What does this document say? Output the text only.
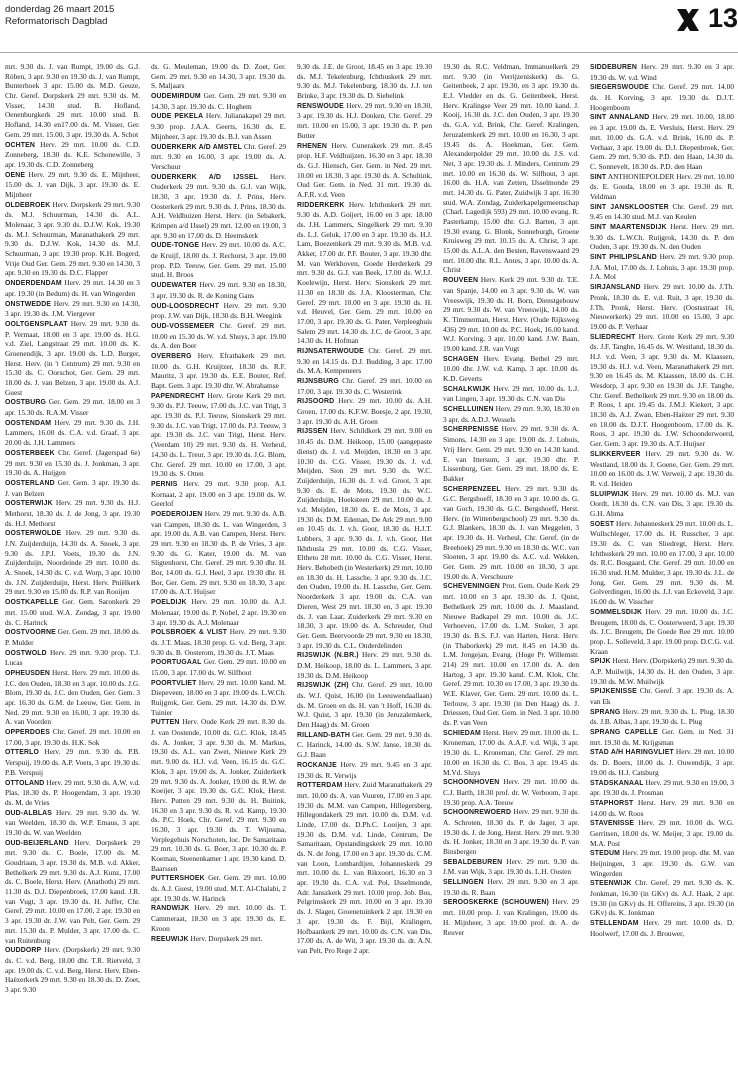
donderdag 26 maart 2015
Reformatorisch Dagblad	13

mrt. 9.30 ds. J. van Rumpt, 19.00 ds. G.J. Röben, 3 apr. 9.30 en 19.30 ds. J. van Rumpt, Bunterhoek 3 apr. 15.00 ds. M.D. Geuze, Chr. Geref. Dorpskerk 29 mrt. 9.30 ds. M. Visser, 14.30 stud. B. Hofland, Oenenburgkerk 29 mrt. 10.00 stud. B. Hofland, 14.30 en17.00 ds. M. Visser, Ger. Gem. 29 mrt. 15.00, 3 apr. 19.30 ds. A. Schot

OCHTEN Herv. 29 mrt. 10.00 ds. C.D. Zonneberg, 18.30 ds. K.E. Schonewille, 3 apr. 19.30 ds. C.D. Zonneberg

OENE Herv. 29 mrt. 9.30 ds. E. Mijnheer, 15.00 ds. J. van Dijk, 3 apr. 19.30 ds. E. Mijnheer

OLDEBROEK Herv. Dorpskerk 29 mrt. 9.30 ds. M.J. Schuurman, 14.30 ds. A.L. Molenaar, 3 apr. 9.30 ds. D.J.W. Kok, 19.30 ds. M.J. Schuurman, Maranathakerk 29 mrt. 9.30 ds. D.J.W. Kok, 14.30 ds. M.J. Schuurman, 3 apr. 19.30 prop. K.H. Bogerd, Vrije Oud Ger. Gem. 29 mrt. 9.30 en 14.30, 3 apr. 9.30 en 19.30 ds. D.C. Flapper

ONDERDENDAM Herv. 29 mrt. 14.30 en 3 apr. 19.30 (in Bedum) ds. H. van Wingerden

ONSTWEDDE Herv. 29 mrt. 9.30 en 14.30, 3 apr. 19.30 ds. J.M. Viergever

OOLTGENSPLAAT Herv. 29 mrt. 9.30 ds. P. Vermaat, 18.00 en 3 apr. 19.00 ds. H.G. v.d. Ziel, Langstraat 29 mrt. 10.00 ds. K. Groenendijk, 3 apr. 19.00 ds. L.D. Burger, Herst. Herv. (in 't Centrum) 29 mrt. 9.30 en 15.30 ds. C. Oorschot, Ger. Gem. 29 mrt. 18.00 ds. J. van Belzen, 3 apr. 19.00 ds. A.J. Guest

OOSTBURG Ger. Gem. 29 mrt. 18.00 en 3 apr. 15.30 ds. R.A.M. Visser

OOSTENDAM Herv. 29 mrt. 9.30 ds. J.H. Lammers, 16.00 ds. C.A. v.d. Graaf, 3 apr. 20.00 ds. J.H. Lammers

OOSTERBEEK Chr. Geref. (Jagerspad 6e) 29 mrt. 9.30 en 15.30 ds. J. Jonkman, 3 apr. 19.30 ds. A. Huijgen

OOSTERLAND Ger. Gem. 3 apr. 19.30 ds. J. van Belzen

OOSTERWIJK Herv. 29 mrt. 9.30 ds. H.J. Methorst, 18.30 ds. J. de Jong, 3 apr. 19.30 ds. H.J. Methorst

OOSTERWOLDE Herv. 29 mrt. 9.30 ds. J.N. Zuijderduijn, 14.30 ds. A. Snoek, 3 apr. 9.30 ds. J.P.J. Voets, 19.30 ds. J.N. Zuijderduijn, Noordeinde 29 mrt. 10.00 ds. A. Snoek, 14.30 ds. C. v.d. Worp, 3 apr. 10.00 ds. J.N. Zuijderduijn, Herst. Herv. Pniëlkerk 29 mrt. 9.30 en 15.00 ds. R.P. van Rooijen

OOSTKAPELLE Ger. Gem. Saronkerk 29 mrt. 15.00 stud. W.A. Zondag, 3 apr. 19.00 ds. C. Harinck

OOSTVOORNE Ger. Gem. 29 mrt. 18.00 ds. P. Mulder

OOSTWOLD Herv. 29 mrt. 9.30 prop. T.J. Lucas

OPHEUSDEN Herst. Herv. 29 mrt. 10.00 ds. J.C. den Ouden, 18.30 en 3 apr. 10.00 ds. J.G. Blom, 19.30 ds. J.C. den Ouden, Ger. Gem. 3 apr. 16.30 ds. G.M. de Leeuw, Ger. Gem. in Ned. 29 mrt. 9.30 en 16.00, 3 apr. 19.30 ds. A. van Voorden

OPPERDOES Chr. Geref. 29 mrt. 10.00 en 17.00, 3 apr. 19.30 ds. H.K. Sok

OTTERLO Herv. 29 mrt. 9.30 ds. P.B. Verspuij, 19.00 ds. A.P. Voets, 3 apr. 19.30 ds. P.B. Verspuij

OTTOLAND Herv. 29 mrt. 9.30 ds. A.W. v.d. Plas, 18.30 ds. P. Hoogendam, 3 apr. 19.30 ds. M. de Vries

OUD-ALBLAS Herv. 29 mrt. 9.30 ds. W. van Weelden, 18.30 ds. W.P. Emaus, 3 apr. 19.30 ds. W. van Weelden

OUD-BEIJERLAND Herv. Dorpskerk 29 mrt. 9.30 ds. C. Boele, 17.00 ds. M. Goudriaan, 3 apr. 19.30 ds. M.B. v.d. Akker, Bethelkerk 29 mrt. 9.30 ds. A.J. Kunz, 17.00 ds. C. Boele, Herst. Herv. (Anathoth) 29 mrt. 11.30 ds. D.J. Diepenbroek, 17.00 kand. J.R. van Vugt, 3 apr. 19.30 ds. H. Juffer, Chr. Geref. 29 mrt. 10.00 en 17.00, 2 apr. 19.30 en 3 apr. 19.30 dr. J.W. van Pelt, Ger. Gem. 29 mrt. 15.30 ds. P. Mulder, 3 apr. 17.00 ds. C. van Ruitenburg

OUDDORP Herv. (Dorpskerk) 29 mrt. 9.30 ds. C. v.d. Berg, 18.00 dhr. T.R. Rietveld, 3 apr. 19.00 ds. C. v.d. Berg, Herst. Herv. Eben-Haëzerkerk 29 mrt. 9.30 en 18.30 ds. D. Zoet, 3 apr. 9.30

ds. G. Meuleman, 19.00 ds. D. Zoet, Ger. Gem. 29 mrt. 9.30 en 14.30, 3 apr. 19.30 ds. S. Maljaars

OUDEMIRDUM Ger. Gem. 29 mrt. 9.30 en 14.30, 3 apr. 19.30 ds. C. Hoghem

OUDE PEKELA Herv. Julianakapel 29 mrt. 9.30 prop. J.A.A. Geerts, 16.30 ds. E. Mijnheer, 3 apr. 19.30 ds. B.J. van Assen

OUDERKERK A/D AMSTEL Chr. Geref. 29 mrt. 9.30 en 16.00, 3 apr. 19.00 ds. A. Verschuur

OUDERKERK A/D IJSSEL Herv. Ouderkerk 29 mrt. 9.30 ds. G.J. van Wijk, 18.30, 3 apr. 19.30 ds. J. Prins, Herv. Oosterkerk 29 mrt. 9.30 ds. J. Prins, 18.30 ds. A.H. Veldhuizen Herst. Herv. (in Sebakerk, Krimpen a/d IJssel) 29 mrt. 12.00 en 19.00, 3 apr. 9.30 en 17.00 ds. D. Heemskerk

OUDE-TONGE Herv. 29 mrt. 10.00 ds. A.C. de Kruijf, 18.00 ds. J. Rechorst, 3 apr. 19.00 prop. P.D. Teeuw, Ger. Gem. 29 mrt. 15.00 stud. H. Broos

OUDEWATER Herv. 29 mrt. 9.30 en 18.30, 3 apr. 19.30 ds. R. de Koning Gans

OUD-LOOSDRECHT Herv. 29 mrt. 9.30 prop. J.W. van Dijk, 18.30 ds. B.H. Weegink

OUD-VOSSEMEER Chr. Geref. 29 mrt. 10.00 en 15.30 ds. W. v.d. Shuys, 3 apr. 19.00 ds. A. den Boer

OVERBERG Herv. Efrathakerk 29 mrt. 10.00 ds. G.H. Kruijtzer, 18.30 ds. R.F. Mauritz, 3 apr. 19.30 ds. E.E. Bouter, Ref. Bapt. Gem. 3 apr. 19.30 dhr. W. Abrahamse

PAPENDRECHT Herv. Grote Kerk 29 mrt. 9.30 ds. P.J. Teeuw, 17.00 ds. J.C. van Trigt, 3 apr. 19.30 ds. P.J. Teeuw, Sionskerk 29 mrt. 9.30 ds. J.C. van Trigt, 17.00 ds. P.J. Teeuw, 3 apr. 19.30 ds. J.C. van Trigt, Herst. Herv. (Veerdam 10) 29 mrt. 9.30 ds. H. Verheul, 14.30 ds. L. Treur, 3 apr. 19.30 ds. J.G. Blom, Chr. Geref. 29 mrt. 10.00 en 17.00, 3 apr. 19.30 ds. S. Otten

PERNIS Herv. 29 mrt. 9.30 prop. A.I. Kornaat, 2 apr. 19.00 en 3 apr. 19.00 ds. W. Geerlof

POEDEROIJEN Herv. 29 mrt. 9.30 ds. A.B. van Campen, 18.30 ds. L. van Wingerden, 3 apr. 19.00 ds. A.B. van Campen, Herst. Herv. 29 mrt. 9.30 en 18.30 ds. P. de Vries, 3 apr. 9.30 ds. G. Kater, 19.00 ds. M. van Sligtenhorst, Chr. Geref. 29 mrt. 9.30 dhr. H. Bor, 14.00 ds. G.J. Heel, 3 apr. 19.30 dhr. H. Bor, Ger. Gem. 29 mrt. 9.30 en 18.30, 3 apr. 17.00 ds. A.T. Huijser

POELDIJK Herv. 29 mrt. 10.00 ds. A.J. Molenaar, 19.00 ds. P. Nobel, 2 apr. 19.30 en 3 apr. 19.30 ds. A.J. Molenaar

POLSBROEK & VLIST Herv. 29 mrt. 9.30 ds. J.T. Maas, 18.30 prop. G. v.d. Berg, 3 apr. 9.30 ds. B. Oosterom, 19.30 ds. J.T. Maas

POORTUGAAL Ger. Gem. 29 mrt. 10.00 en 15.00, 3 apr. 17.00 ds. W. Silfhout

POORTVLIET Herv. 29 mrt. 10.00 kand. M. Diepeveen, 18.00 en 3 apr. 19.00 ds. L.W.Ch. Ruijgrok, Ger. Gem. 29 mrt. 14.30 ds. D.W. Tuinier

PUTTEN Herv. Oude Kerk 29 mrt. 8.30 ds. J. van Oostende, 10.00 ds. G.C. Klok, 18.45 ds. A. Jonker, 3 apr. 9.30 ds. M. Markus, 19.30 ds. A.L. van Zwet, Nieuwe Kerk 29 mrt. 9.00 ds. H.J. v.d. Veen, 16.15 ds. G.C. Klok, 3 apr. 19.00 ds. A. Jonker, Zuiderkerk 29 mrt. 9.30 ds. A. Jonker, 19.00 ds. R.W. de Koeijer, 3 apr. 19.30 ds. G.C. Klok, Herst. Herv. Putten 29 mrt. 9.30 ds. H. Buitink, 16.30 en 3 apr. 9.30 ds. R. v.d. Kamp, 19.30 ds. P.C. Hoek, Chr. Geref. 29 mrt. 9.30 en 16.30, 3 apr. 19.30 ds. T. Wijnsma, Verplegehuis Norschoten, loc. De Samaritaan 29 mrt. 10.30 ds. G. Boer, 3 apr. 10.30 ds. P. Koeman, Steenenkamer 1 apr. 19.30 kand. D. Baarssen

PUTTERSHOEK Ger. Gem. 29 mrt. 10.00 ds. A.J. Guest, 19.00 stud. M.T. Al-Chalabi, 2 apr. 19.30 ds. W. Harinck

RANDWIJK Herv. 29 mrt. 10.00 ds. T. Cammeraat, 18.30 en 3 apr. 19.30 ds. E. Kroon

REEUWIJK Herv. Dorpskerk 29 mrt.

9.30 ds. J.E. de Groot, 18.45 en 3 apr. 19.30 ds. M.J. Tekelenburg, Ichthuskerk 29 mrt. 9.30 ds. M.J. Tekelenburg, 18.30 ds. J.J. ten Brinke, 3 apr. 19.30 ds. D. Siebelink

RENSWOUDE Herv. 29 mrt. 9.30 en 18.30, 3 apr. 19.30 ds. H.J. Donken, Chr. Geref. 29 mrt. 10.00 en 15.00, 3 apr. 19.30 ds. P. pen Butter

RHENEN Herv. Cunerakerk 29 mrt. 8.45 prop. H.F. Veldhuijzen, 16.30 en 3 apr. 18.30 ds. G.J. Hiensch, Ger. Gem. in Ned. 29 mrt. 10.00 en 18.30, 3 apr. 19.30 ds. A. Schultink, Oud Ger. Gem. in Ned. 31 mrt. 19.30 ds. A.F.R. v.d. Veen

RIDDERKERK Herv. Ichthuskerk 29 mrt. 9.30 ds. A.D. Goijert, 16.00 en 3 apr. 18.00 ds. J.H. Lammers, Singelkerk 29 mrt. 9.30 ds. L.J. Geluk, 17.00 en 3 apr. 19.30 ds. H.J. Lam, Boezemkerk 29 mrt. 9.30 ds. M.B. v.d. Akker, 17.00 dr. P.F. Bouter, 3 apr. 19.30 dhr. M. van Werkhoven, Goede Herderkerk 29 mrt. 9.30 ds. G.J. van Beek, 17.00 ds. W.J.J. Koelewijn, Herst. Herv. Sionskerk 29 mrt. 11.30 en 18.30 ds. J.A. Kloosterman, Chr. Geref. 29 mrt. 10.00 en 3 apr. 19.30 ds. H. v.d. Heuvel, Ger. Gem. 29 mrt. 10.00 en 17.00, 3 apr. 19.30 ds. G. Pater, Verpleeghuis Salem 29 mrt. 14.30 ds. J.C. de Groot, 3 apr. 14.30 ds. H. Hofman

RIJNSATERWOUDE Chr. Geref. 29 mrt. 9.30 en 14.15 ds. D.J. Budding, 3 apr. 17.00 ds. M.A. Kempeneers

RIJNSBURG Chr. Geref. 29 mrt. 10.00 en 17.00, 3 apr. 19.30 ds. C. Westerink

RIJSOORD Herv. 29 mrt. 10.00 ds. A.H. Groen, 17.00 ds. K.F.W. Boesje, 2 apr. 19.30, 3 apr. 19.30 ds. A.H. Groen

RIJSSEN Herv. Schildkerk 29 mrt. 9.00 en 10.45 ds. D.M. Heikoop, 15.00 (aangepaste dienst) ds. J. v.d. Meijden, 18.30 en 3 apr. 10.30 ds. C.G. Visser, 19.30 ds. J. v.d. Meijden, Sion 29 mrt. 9.30 ds. W.C. Zuijderduijn, 16.30 ds. J. v.d. Groot, 3 apr. 9.30 ds. E. de Mots, 19.30 ds. W.C. Zuijderduijn, Hoeksteen 29 mrt. 10.00 ds. J. v.d. Meijden, 18.30 ds. E. de Mots, 3 apr. 19.30 ds. D.M. Edeman, De Ark 29 mrt. 9.00 en 10.45 ds. J. v.h. Goor, 18.30 ds. H.J.T. Lubbers, 3 apr. 9.30 ds. J. v.h. Goor, Het Ikhthusla 29 mrt. 10.00 ds. C.G. Visser, Eltheto 28 mrt. 10.00 ds. C.G. Visser, Herst. Herv. Behobeth (in Westerkerk) 29 mrt. 10.00 en 18.30 ds. H. Lassche, 3 apr. 9.30 ds. J.C. den Ouden, 19.00 ds. H. Lassche, Ger. Gem. Noorderkerk 3 apr. 19.00 ds. C.A. van Dieren, West 29 mrt. 18.30 en, 3 apr. 19.30 ds. J. van Laar, Zuiderkerk 29 mrt. 9.30 en 18.30, 3 apr. 19.00 ds. A. Schreuder, Oud Ger. Gem. Beervoorde 29 mrt. 9.30 en 18.30, 3 apr. 19.30 ds. C.L. Onderdelinden

RIJSWIJK (N.BR.) Herv. 29 mrt. 9.30 ds. D.M. Heikoop, 18.00 ds. L. Lammers, 3 apr. 19.30 ds. D.M. Heikoop

RIJSWIJK (ZH) Chr. Geref. 29 mrt. 10.00 ds. W.J. Quist, 16.00 (in Leeuwendaallaan) ds. M. Groen en ds. H. van 't Hoff, 16.30 ds. W.J. Quist, 3 apr. 19.30 (in Jeruzalemkerk, Den Haag) ds. M. Groen

RILLAND-BATH Ger. Gem. 29 mrt. 9.30 ds. C. Harinck, 14.00 ds. S.W. Janse, 18.30 ds. G.J. Baan

ROCKANJE Herv. 29 mrt. 9.45 en 3 apr. 19.30 ds. R. Verwijs

ROTTERDAM Herv. Zuid Maranathakerk 29 mrt. 10.00 ds. A. van Vuuren, 17.00 en 3 apr. 19.30 ds. M.M. van Campen, Hillegersberg, Hillegondakerk 29 mrt. 10.00 ds. D.M. v.d. Linde, 17.00 ds. D.Ph.C. Looijen, 3 apr. 19.30 ds. D.M. v.d. Linde, Centrum, De Samaritaan, Opstandingskerk 29 mrt. 10.00 ds. N. de Jong, 17.00 en 3 apr. 19.30 ds. C.M. van Loon, Lombardijen, Johanneskerk 29 mrt. 10.00 ds. L. van Rikxoort, 16.30 en 3 apr. 19.30 ds. C.A. v.d. Pol, IJsselmonde, Adr. Janszkerk 29 mrt. 10.00 prop. Job. Bos, Pelgrimskerk 29 mrt. 10.00 en 3 apr. 19.30 ds. J. Slager, Groenetuinkerk 2 apr. 19.30 en 3 apr. 19.30 ds. F. Bijl, Kralingen, Hofbaankerk 29 mrt. 10.00 ds. C.N. van Dis, 17.00 ds. A. de Wit, 3 apr. 19.30 ds. dr. A.N. van Pelt, Pro Rege 2 apr.

19.30 ds. R.C. Veldman, Immanuelkerk 29 mrt. 9.30 (in Verrijzeniskerk) ds. G. Geitenbeek, 2 apr. 19.30, en 3 apr. 19.30 ds. E.J. Vledder en ds. G. Geitenbeek, Herst. Herv. Kralingse Veer 29 mrt. 10.00 kand. J. Kooij, 16.30 ds. J.C. den Ouden, 3 apr. 19.30 ds. G.A. v.d. Brink, Chr. Geref. Kralingen, Jeruzalemkerk 29 mrt. 10.00 en 16.30, 3 apr. 19.45 ds. A. Hoekman, Ger. Gem. Alexanderpolder 29 mrt. 10.00 ds. J.S. v.d. Net, 3 apr. 19.30 ds. J. Minders, Centrum 29 mrt. 10.00 en 16.30 ds. W. Silfhout, 3 apr. 16.00 ds. H.A. van Zetten, IJsselmonde 29 mrt. 14.30 ds. G. Pater, Zuidwijk 3 apr. 16.30 stud. W.A. Zondag, Zuiderkapelgemeenschap (Charl. Lagedijk 593) 29 mrt. 10.00 evang. R. Pasterkamp, 15.00 dhr. G.J. Barten, 3 apr. 19.30 evang. G. Blonk, Sonneburgh, Groene Kruisweg 29 mrt. 10.15 ds. A. Christ, 3 apr. 15.00 ds. A.L.A. den Besten, Ravenswaard 29 mrt. 10.00 dhr. R.L. Antes, 3 apr. 10.00 ds. A. Christ

ROUVEEN Herv. Kerk 29 mrt. 9.30 dr. T.E. van Spanje, 14.00 en 3 apr. 9.30 ds. W. van Vreeswijk, 19.30 ds. H. Born, Dienstgebouw 29 mrt. 9.30 ds. W. van Vreeswijk, 14.00 ds. K. Timmerman, Herst. Herv. (Oude Rijksweg 436) 29 mrt. 10.00 ds. P.C. Hoek, 16.00 kand. W.J. Korving, 3 apr. 10.00 kand. J.W. Baan, 19.00 kand. J.R. van Vugt

SCHAGEN Herv. Evang. Bethel 29 mrt. 10.00 dhr. J.W. v.d. Kamp, 3 apr. 10.00 ds. K.D. Geverts

SCHALKWIJK Herv. 29 mrt. 10.00 ds. L.J. van Lingen, 3 apr. 19.30 ds. C.N. van Dis

SCHELLUINEN Herv. 29 mrt. 9.30, 18.30 en 3 apr. ds. A.D.J. Wessels

SCHERPENISSE Herv. 29 mrt. 9.30 ds. A. Simons, 14.30 en 3 apr. 19.00 ds. J. Lobuis, Vrij Herv. Gem. 29 mrt. 9.30 en 14.30 kand. E. van Ittersum, 3 apr. 19.30 dhr. P. Lissenburg, Ger. Gem. 29 mrt. 18.00 ds. E. Bakker

SCHERPENZEEL Herv. 29 mrt. 9.30 ds. G.C. Bergshoeff, 18.30 en 3 apr. 10.00 ds. G. van Goch, 19.30 ds. G.C. Bergshoeff, Herst. Herv. (in Wittenbergschool) 29 mrt. 9.30 ds. G.J. Blankers, 18.30 ds. J. van Meggelen, 3 apr. 19.30 ds. H. Verheul, Chr. Geref. (in de Breehoek) 29 mrt. 9.30 en 18.30 ds. W.C. van Slooten, 3 apr. 19.00 ds. A.C. v.d. Wekken, Ger. Gem. 29 mrt. 10.00 en 18.30, 3 apr. 19.00 ds. A. Verschuure

SCHEVENINGEN Prot. Gem. Oude Kerk 29 mrt. 10.00 en 3 apr. 19.30 ds. J. Quist, Bethelkerk 29 mrt. 10.00 ds. J. Maasland, Nieuwe Badkapel 29 mrt. 10.00 ds. J.C. Verhoeven, 17.00 ds. L.M. Stoker, 3 apr. 19.30 ds. B.S. F.J. van Harten, Herst. Herv. (in Thaborkerk) 29 mrt. 8.45 en 14.30 ds. L.M. Jongejan, Evang. (Hoge Pr. Willemstr. 214) 29 mrt. 10.00 en 17.00 ds. A. den Hartog, 3 apr. 19.30 kand. C.M. Klok, Chr. Geref. 29 mrt. 10.30 en 17.00, 3 apr. 19.30 ds. W.E. Klaver, Ger. Gem. 29 mrt. 10.00 ds. L. Terlouw, 3 apr. 19.30 (in Den Haag) ds. J. Driessen, Oud Ger. Gem. in Ned. 3 apr. 10.00 ds. P. van Veen

SCHIEDAM Herst. Herv. 29 mrt. 10.00 ds. L. Kroneman, 17.00 ds. A.A.F. v.d. Wijk, 3 apr. 19.30 ds. L. Kroneman, Chr. Geref. 29 mrt. 10.00 en 16.30 ds. C. Bos, 3 apr. 19.45 ds. M.Vd. Sluys

SCHOONHOVEN Herv. 29 mrt. 10.00 ds. C.J. Barth, 18.30 prof. dr. W. Verboom, 3 apr. 19.30 prop. A.A. Teeuw

SCHOONREWOERD Herv. 29 mrt. 9.30 ds. A. Schroten, 18.30 ds. P. de Jager, 3 apr. 19.30 ds. J. de Jong, Herst. Herv. 29 mrt. 9.30 ds. H. Jonker, 18.30 en 3 apr. 19.30 ds. P. van Binsbergen

SEBALDEBUREN Herv. 29 mrt. 9.30 ds. J.M. van Wijk, 3 apr. 19.30 ds. L.H. Oosten

SELLINGEN Herv. 29 mrt. 9.30 en 3 apr. 19.30 ds. R. Baan

SEROOSKERKE (SCHOUWEN) Herv. 29 mrt. 10.00 prop. J. van Kralingen, 19.00 ds. H. Mijnheer, 3 apr. 19.00 prof. dr. A. de Reuver

SIDDEBUREN Herv. 29 mrt. 9.30 en 3 apr. 19.30 ds. W. v.d. Wind

SIEGERSWOUDE Chr. Geref. 29 mrt. 14.00 ds. H. Korving, 3 apr. 19.30 ds. D.J.T. Hoogenboom

SINT ANNALAND Herv. 29 mrt. 10.00, 18.00 en 3 apr. 19.00 ds. E. Versluis, Herst. Herv. 29 mrt. 10.00 ds. G.A. v.d. Brink, 16.00 ds. P. Verhaar, 3 apr. 19.00 ds. D.J. Diepenbroek, Ger. Gem. 29 mrt. 9.30 ds. P.D. den Haan, 14.30 ds. C. Sonnevelt, 18.30 ds. P.D. den Haan

SINT ANTHONIEPOLDER Herv. 29 mrt. 10.00 ds. E. Gouda, 18.00 en 3 apr. 19.30 ds. R. Veldman

SINT JANSKLOOSTER Chr. Geref. 29 mrt. 9.45 en 14.30 stud. M.J. van Keulen

SINT MAARTENSDIJK Herst. Herv. 29 mrt. 9.30 ds. L.W.Ch. Ruijgrok, 14.30 ds. P. den Ouden, 3 apr. 19.30 ds. N. den Ouden

SINT PHILIPSLAND Herv. 29 mrt. 9.30 prop. J.A. Mol, 17.00 ds. J. Lohuis, 3 apr. 19.30 prop. J.A. Mol

SIRJANSLAND Herv. 29 mrt. 10.00 ds. J.Th. Pronk, 18.30 ds. E. v.d. Ruit, 3 apr. 19.30 ds. J.Th. Pronk, Herst. Herv. (Oostsstraat 16, Nieuwerkerk) 29 mrt. 10.00 en 15.00, 3 apr. 19.00 ds. P. Verhaar

SLIEDRECHT Herv. Grote Kerk 29 mrt. 9.30 ds. J.F. Tanghe, 16.45 ds. W. Westland, 18.30 ds. H.J. v.d. Veen, 3 apr. 9.30 ds. M. Klaassen, 19.30 ds. H.J. v.d. Veen, Maranathakerk 29 mrt. 9.30 en 16.45 ds. M. Klaassen, 18.00 ds. C.H. Wesdorp, 3 apr. 9.30 en 19.30 ds. J.F. Tanghe, Chr. Geref. Bethelkerk 29 mrt. 9.30 en 18.00 ds. P. Roos, 1 apr. 19.45 ds. J.M.J. Kiekert, 3 apr. 18.30 ds. A.J. Zwan, Eben-Haëzer 29 mrt. 9.30 en 18.00 ds. D.J.T. Hoogenboom, 17.00 ds. K. Roos, 3 apr. 19.30 ds. J.W. Schoonderwoerd, Ger. Gem. 3 apr. 19.30 ds. A.T. Huijser

SLIKKERVEER Herv. 29 mrt. 9.30 ds. W. Westland, 18.00 ds. J. Goene, Ger. Gem. 29 mrt. 10.00 en 16.00 ds. J.W. Verweij, 2 apr. 19.30 ds. R. v.d. Heiden

SLUIPWIJK Herv. 29 mrt. 10.00 ds. M.J. van Oordt, 18.30 ds. C.N. van Dis, 3 apr. 19.30 ds. G.H. Abma

SOEST Herv. Johanneskerk 29 mrt. 10.00 ds. L. Wullschleger, 17.00 ds. H. Russcher, 3 apr. 19.30 ds. C. van Sliedregt, Herst. Herv. Ichthuskerk 29 mrt. 10.00 en 17.00, 3 apr. 10.00 ds. R.C. Bosgaard, Chr. Geref. 29 mrt. 10.00 en 16.30 stud. H.M. Mulder, 3 apr. 19.30 ds. J.L. de Jong, Ger. Gem. 29 mrt. 9.30 ds. M. Golverdingen, 16.00 ds. J.J. van Eckeveld, 3 apr. 16.00 ds. W. Visscher

SOMMELSDIJK Herv. 29 mrt. 10.00 ds. J.C. Breugem, 18.00 ds. C. Oosterweerd, 3 apr. 19.30 ds. J.C. Breugem, De Goede Ree 29 mrt. 10.00 prop. L. Solleveld, 3 apr. 19.00 prop. D.C.G. v.d. Kraan

SPIJK Herst. Herv. (Dorpskerk) 29 mrt. 9.30 ds. A.P. Muilwijk, 14.30 ds. H. den Ouden, 3 apr. 19.30 ds. M.W. Muilwijk

SPIJKENISSE Chr. Geref. 3 apr. 19.30 ds. A. van Ek

SPRANG Herv. 29 mrt. 9.30 ds. L. Plug, 18.30 ds. J.B. Albas, 3 apr. 19.30 ds. L. Plug

SPRANG CAPELLE Ger. Gem. in Ned. 31 mrt. 19.30 ds. M. Krijgsman

STAD A/H HARINGVLIET Herv. 29 mrt. 10.00 ds. D. Boers, 18.00 ds. J. Ouwendijk, 3 apr. 19.00 ds. H.J. Catsburg

STADSKANAAL Herv. 29 mrt. 9.30 en 19.00, 3 apr. 19.30 ds. J. Prosman

STAPHORST Herst. Herv. 29 mrt. 9.30 en 14.00 ds. W. Roos

STAVENISSE Herv. 29 mrt. 10.00 ds. W.G. Gerritsen, 18.00 ds. W. Meijer, 3 apr. 19.00 ds. M.A. Post

STEDUM Herv. 29 mrt. 19.00 prop. dhr. M. van Heijningen, 3 apr. 19.30 ds. G.W. van Wingerden

STEENWIJK Chr. Geref. 29 mrt. 9.30 ds. K. Jonkman, 16.30 (in GKv) ds. A.J. Haak, 2 apr. 19.30 (in GKv) ds. H. Offereins, 3 apr. 19.30 (in GKv) ds. K. Jonkman

STELLENDAM Herv. 29 mrt. 10.00 ds. D. Hoolwerf, 17.00 ds. J. Brouwer,
